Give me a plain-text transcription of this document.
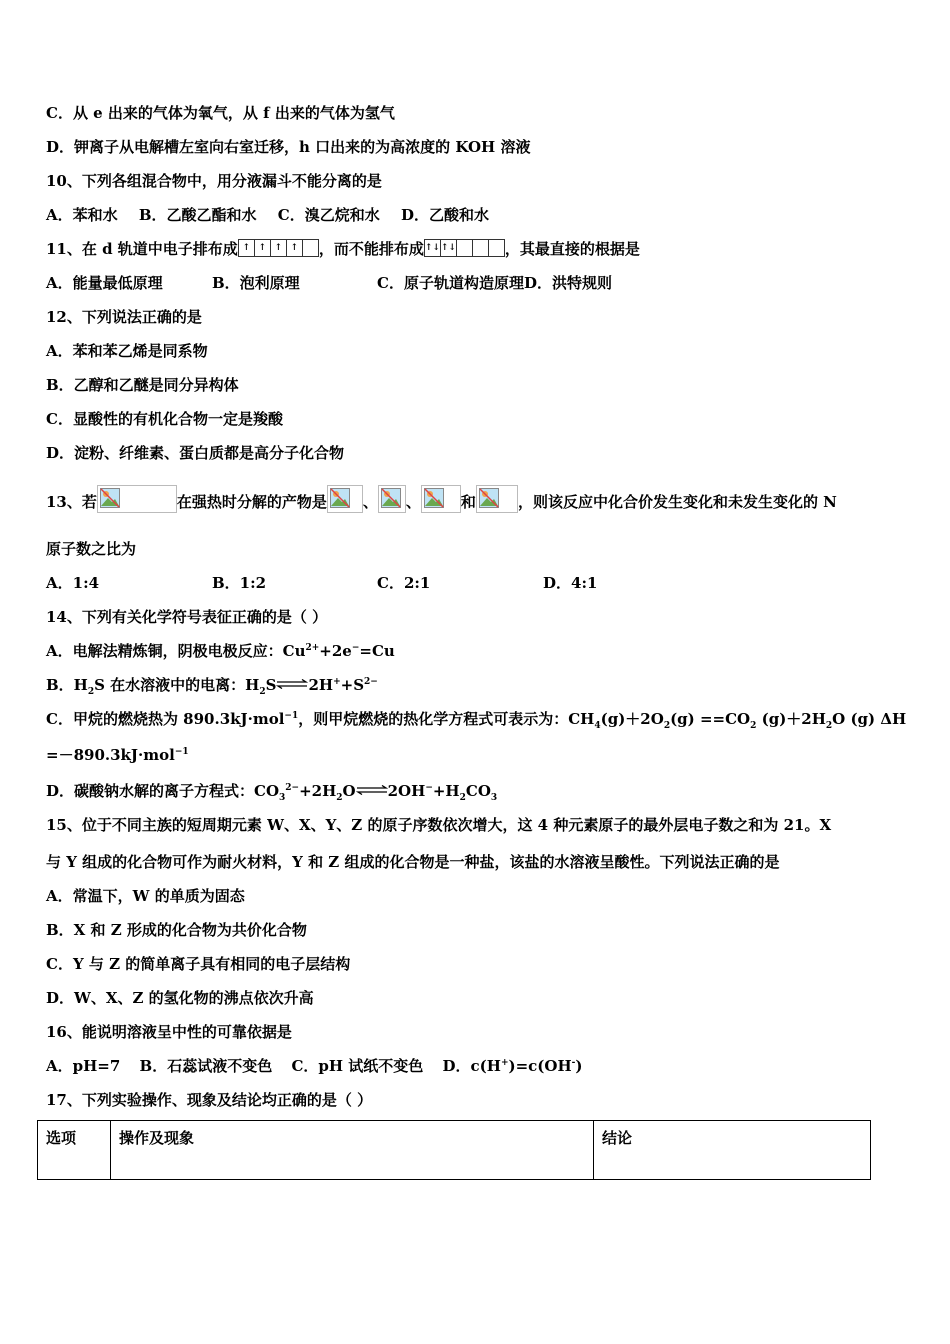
C．从 e 出来的气体为氧气，从 f 出来的气体为氢气
D．钾离子从电解槽左室向右室迁移，h 口出来的为高浓度的 KOH 溶液
10、下列各组混合物中，用分液漏斗不能分离的是
A．苯和水 B．乙酸乙酯和水 C．溴乙烷和水 D．乙酸和水
11、在 d 轨道中电子排布成 ↑ ↑ ↑ ↑ ，而不能排布成↑↓↑↓	，其最直接的根据是
A．能量最低原理	B．泡利原理	C．原子轨道构造原理D．洪特规则
12、下列说法正确的是
A．苯和苯乙烯是同系物
B．乙醇和乙醚是同分异构体
C．显酸性的有机化合物一定是羧酸
D．淀粉、纤维素、蛋白质都是高分子化合物
13、若	在强热时分解的产物是 、 、	和	，则该反应中化合价发生变化和未发生变化的 N
原子数之比为
A．1:4	B．1:2	C．2:1	D．4:1
14、下列有关化学符号表征正确的是（ ）
A．电解法精炼铜，阴极电极反应：$Cu^{2+}+2e^-=Cu$
B．$H_2S$ 在水溶液中的电离：$H_2S\rightleftharpoons 2H^++S^{2-}$
C．甲烷的燃烧热为 890.3kJ·mol$^{-1}$，则甲烷燃烧的热化学方程式可表示为：$CH_4(g)+2O_2(g) ==CO_2$ $(g)+2H_2O$ (g) ΔH
=－890.3kJ·mol$^{-1}$
D．碳酸钠水解的离子方程式：$CO_3^{2-}+2H_2O\rightleftharpoons 2OH^-+H_2CO_3$
15、位于不同主族的短周期元素 W、X、Y、Z 的原子序数依次增大，这 4 种元素原子的最外层电子数之和为 21。X
与 Y 组成的化合物可作为耐火材料，Y 和 Z 组成的化合物是一种盐，该盐的水溶液呈酸性。下列说法正确的是
A．常温下，W 的单质为固态
B．X 和 Z 形成的化合物为共价化合物
C．Y 与 Z 的简单离子具有相同的电子层结构
D．W、X、Z 的氢化物的沸点依次升高
16、能说明溶液呈中性的可靠依据是
A．pH=7 B．石蕊试液不变色 C．pH 试纸不变色 D．c(H+)=c(OH-)
17、下列实验操作、现象及结论均正确的是（ ）
选项	操作及现象	结论
